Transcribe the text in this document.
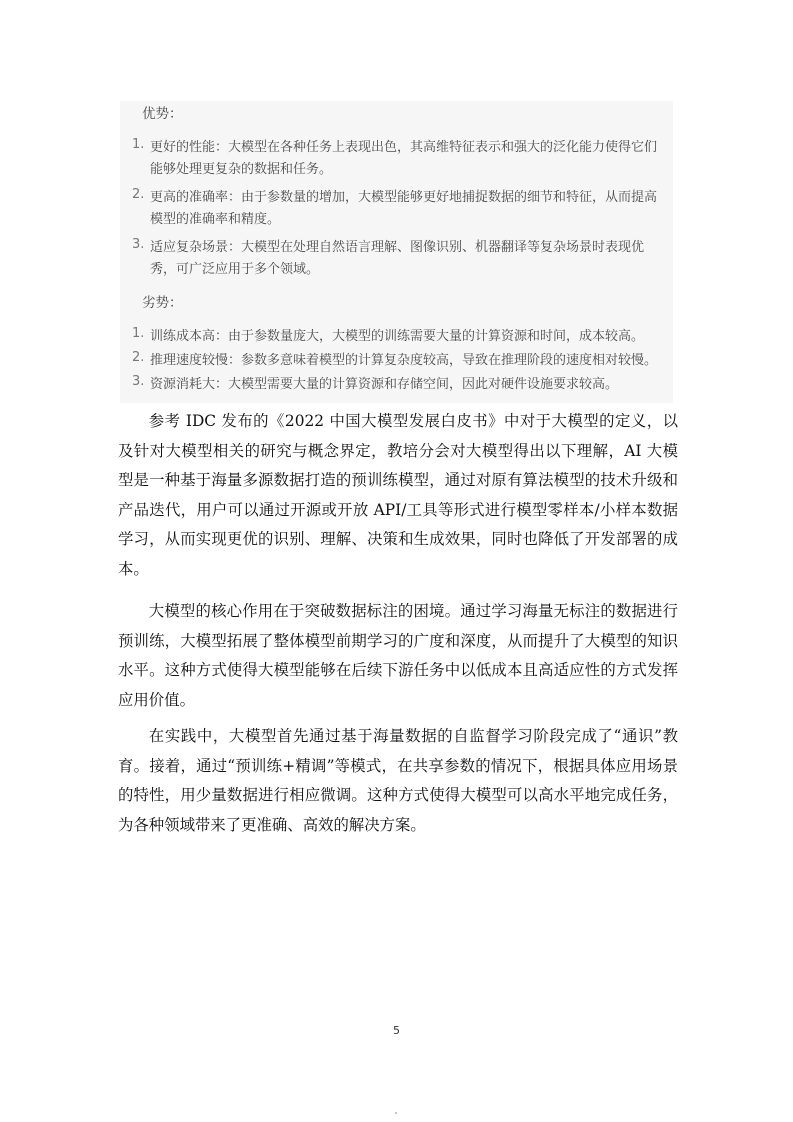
优势：
1. 更好的性能：大模型在各种任务上表现出色，其高维特征表示和强大的泛化能力使得它们能够处理更复杂的数据和任务。
2. 更高的准确率：由于参数量的增加，大模型能够更好地捕捉数据的细节和特征，从而提高模型的准确率和精度。
3. 适应复杂场景：大模型在处理自然语言理解、图像识别、机器翻译等复杂场景时表现优秀，可广泛应用于多个领域。
劣势：
1. 训练成本高：由于参数量庞大，大模型的训练需要大量的计算资源和时间，成本较高。
2. 推理速度较慢：参数多意味着模型的计算复杂度较高，导致在推理阶段的速度相对较慢。
3. 资源消耗大：大模型需要大量的计算资源和存储空间，因此对硬件设施要求较高。

参考 IDC 发布的《2022 中国大模型发展白皮书》中对于大模型的定义，以及针对大模型相关的研究与概念界定，教培分会对大模型得出以下理解，AI 大模型是一种基于海量多源数据打造的预训练模型，通过对原有算法模型的技术升级和产品迭代，用户可以通过开源或开放 API/工具等形式进行模型零样本/小样本数据学习，从而实现更优的识别、理解、决策和生成效果，同时也降低了开发部署的成本。

大模型的核心作用在于突破数据标注的困境。通过学习海量无标注的数据进行预训练，大模型拓展了整体模型前期学习的广度和深度，从而提升了大模型的知识水平。这种方式使得大模型能够在后续下游任务中以低成本且高适应性的方式发挥应用价值。

在实践中，大模型首先通过基于海量数据的自监督学习阶段完成了“通识”教育。接着，通过“预训练+精调”等模式，在共享参数的情况下，根据具体应用场景的特性，用少量数据进行相应微调。这种方式使得大模型可以高水平地完成任务，为各种领域带来了更准确、高效的解决方案。

5
